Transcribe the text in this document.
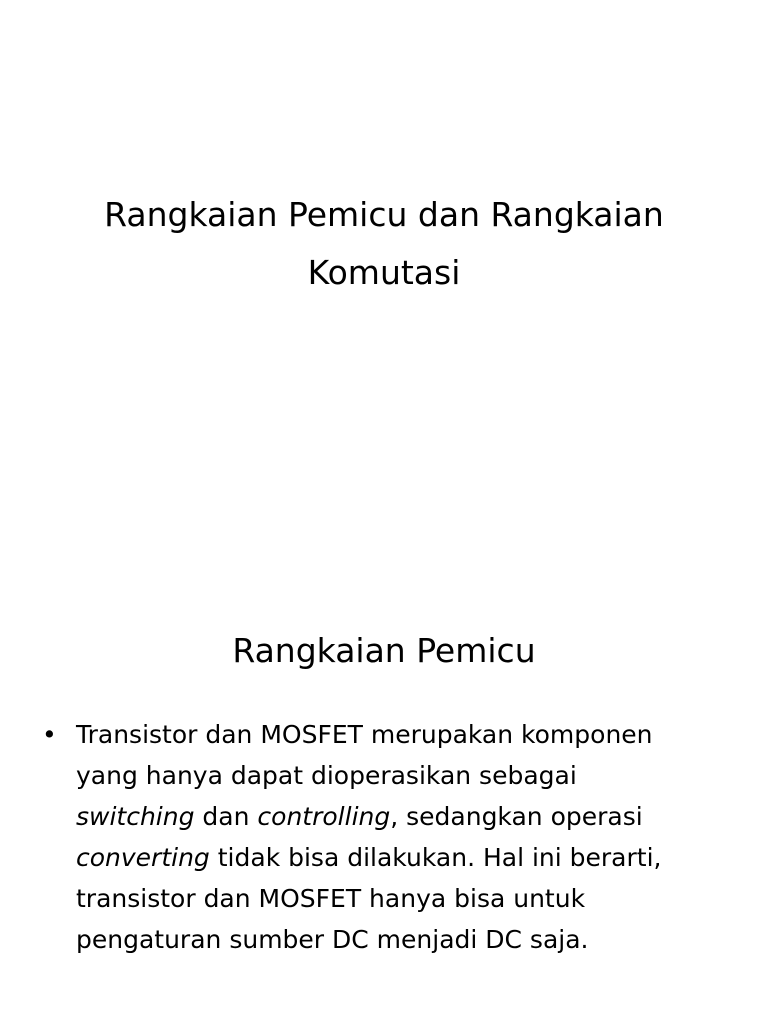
Rangkaian Pemicu dan Rangkaian
Komutasi
Rangkaian Pemicu
• Transistor dan MOSFET merupakan komponen
yang hanya dapat dioperasikan sebagai
switching dan controlling, sedangkan operasi
converting tidak bisa dilakukan. Hal ini berarti,
transistor dan MOSFET hanya bisa untuk
pengaturan sumber DC menjadi DC saja.
